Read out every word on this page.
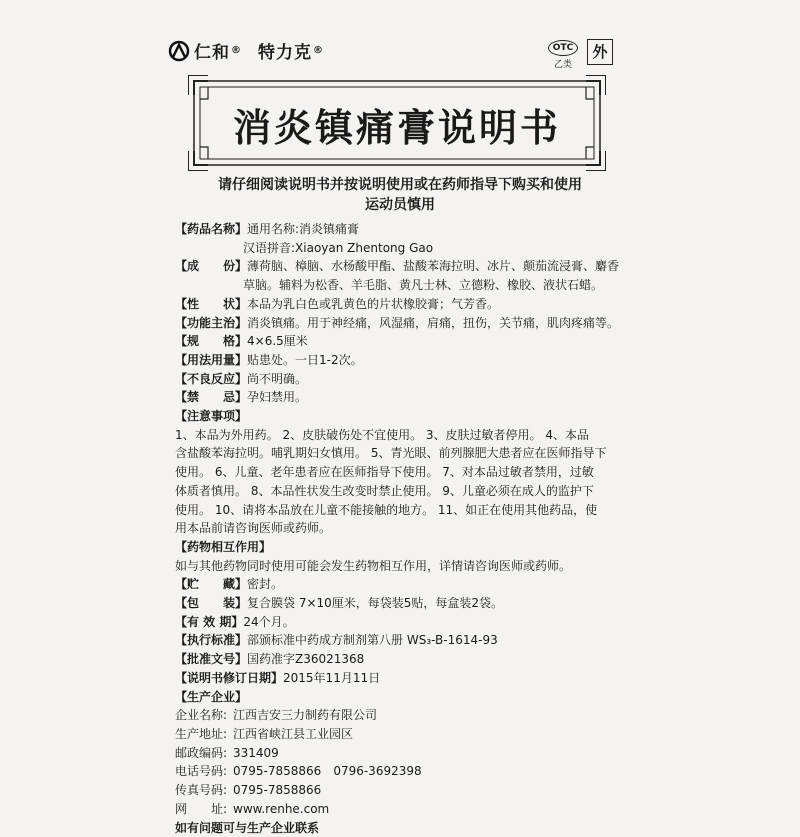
仁和 ® 特力克 ®	OTC
乙类
外
消炎镇痛膏说明书
请仔细阅读说明书并按说明使用或在药师指导下购买和使用
运动员慎用
【药品名称】 通用名称:消炎镇痛膏
汉语拼音:Xiaoyan Zhentong Gao
【成　　份】 薄荷脑、樟脑、水杨酸甲酯、盐酸苯海拉明、冰片、颠茄流浸膏、麝香
草脑。辅料为松香、羊毛脂、黄凡士林、立德粉、橡胶、液状石蜡。
【性　　状】 本品为乳白色或乳黄色的片状橡胶膏；气芳香。
【功能主治】 消炎镇痛。用于神经痛，风湿痛，肩痛，扭伤，关节痛，肌肉疼痛等。
【规　　格】 4×6.5厘米
【用法用量】 贴患处。一日1-2次。
【不良反应】 尚不明确。
【禁　　忌】 孕妇禁用。
【注意事项】
1、本品为外用药。 2、皮肤破伤处不宜使用。 3、皮肤过敏者停用。 4、本品
含盐酸苯海拉明。哺乳期妇女慎用。 5、青光眼、前列腺肥大患者应在医师指导下
使用。 6、儿童、老年患者应在医师指导下使用。 7、对本品过敏者禁用，过敏
体质者慎用。 8、本品性状发生改变时禁止使用。 9、儿童必须在成人的监护下
使用。 10、请将本品放在儿童不能接触的地方。 11、如正在使用其他药品，使
用本品前请咨询医师或药师。
【药物相互作用】
如与其他药物同时使用可能会发生药物相互作用，详情请咨询医师或药师。
【贮　　藏】 密封。
【包　　装】 复合膜袋 7×10厘米，每袋装5贴，每盒装2袋。
【有 效 期】 24个月。
【执行标准】 部颁标准中药成方制剂第八册 WS₃-B-1614-93
【批准文号】 国药准字Z36021368
【说明书修订日期】 2015年11月11日
【生产企业】
企业名称: 江西吉安三力制药有限公司
生产地址: 江西省峡江县工业园区
邮政编码: 331409
电话号码: 0795-7858866　0796-3692398
传真号码: 0795-7858866
网　　址: www.renhe.com
如有问题可与生产企业联系
